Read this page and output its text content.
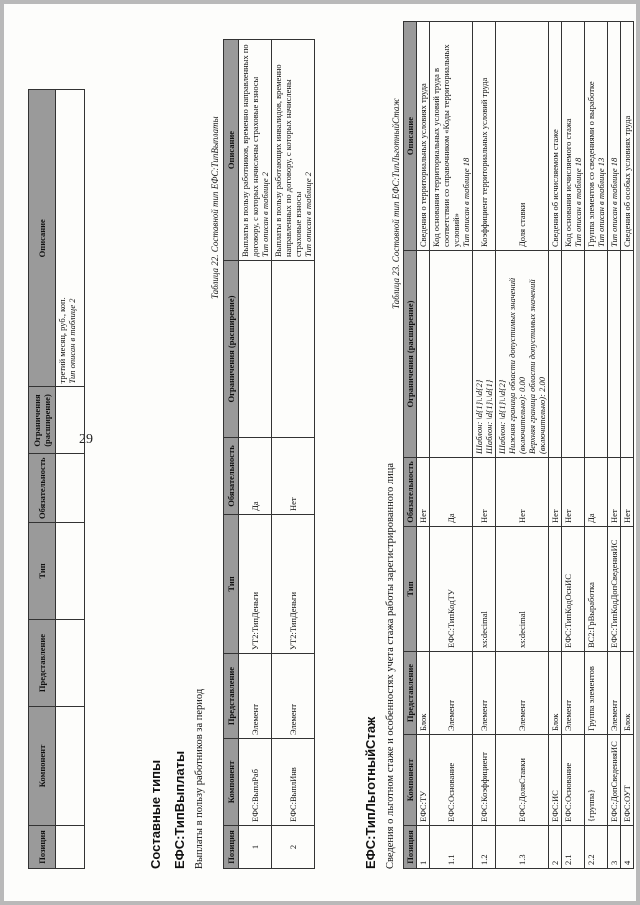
29
Позиция	Компонент	Представление	Тип	Обязательность	Ограничения (расширение)	Описание

						третий месяц, руб., коп. Тип описан в таблице 2
Составные типы ЕФС:ТипВыплаты Выплаты в пользу работников за период
Таблица 22. Составной тип ЕФС:ТипВыплаты
Позиция	Компонент	Представление	Тип	Обязательность	Ограничения (расширение)	Описание
1	ЕФС:ВыплРаб	Элемент	УТ2:ТипДеньги	Да		Выплаты в пользу работников, временно направленных по договору, с которых начислены страховые взносы Тип описан в таблице 2

2	ЕФС:ВыплИнв	Элемент	УТ2:ТипДеньги	Нет		Выплаты в пользу работающих инвалидов, временно направленных по договору, с которых начислены страховые взносы Тип описан в таблице 2
ЕФС:ТипЛьготныйСтаж Сведения о льготном стаже и особенностях учета стажа работы зарегистрированного лица
Таблица 23. Составной тип ЕФС:ТипЛьготныйСтаж
Позиция	Компонент	Представление	Тип	Обязательность	Ограничения (расширение)	Описание
1	ЕФС:ТУ	Блок		Нет		Сведения о территориальных условиях труда

1.1	ЕФС:Основание	Элемент	ЕФС:ТипКодТУ	Да		Код основания территориальных условий труда в соответствии со справочником «Коды территориальных условий» Тип описан в таблице 18

1.2	ЕФС:Коэффициент	Элемент	xs:decimal	Нет	Шаблон: \d{1}\.\d{2}
Шаблон: \d{1}\.\d{1}	Коэффициент территориальных условий труда

1.3	ЕФС:ДоляСтавки	Элемент	xs:decimal	Нет	Шаблон: \d{1}\.\d{2}
Нижняя граница области допустимых значений (включительно): 0.00
Верхняя граница области допустимых значений (включительно): 2.00	Доля ставки

2	ЕФС:ИС	Блок		Нет		Сведения об исчисляемом стаже

2.1	ЕФС:Основание	Элемент	ЕФС:ТипКодОснИС	Нет		Код основания исчисляемого стажа Тип описан в таблице 18

2.2	{группа}	Группа элементов	ВС2:ГрВыработка	Да		Группа элементов со сведениями о выработке Тип описан в таблице 13

3	ЕФС:ДопСведенияИС	Элемент	ЕФС:ТипКодДопСведенияИС	Нет		Тип описан в таблице 18

4	ЕФС:ОУТ	Блок		Нет		Сведения об особых условиях труда
